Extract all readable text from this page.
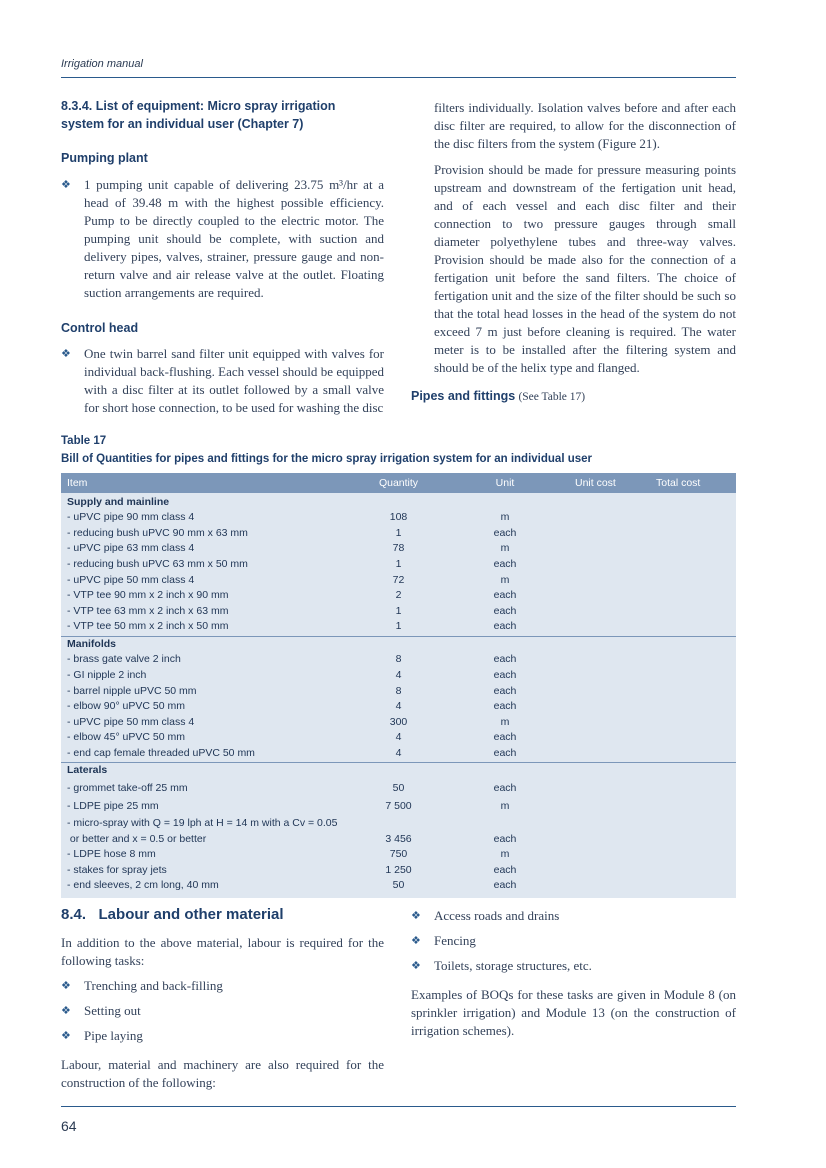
Irrigation manual
8.3.4. List of equipment: Micro spray irrigation system for an individual user (Chapter 7)
Pumping plant

❖ 1 pumping unit capable of delivering 23.75 m³/hr at a head of 39.48 m with the highest possible efficiency. Pump to be directly coupled to the electric motor. The pumping unit should be complete, with suction and delivery pipes, valves, strainer, pressure gauge and non-return valve and air release valve at the outlet. Floating suction arrangements are required.

Control head

❖ One twin barrel sand filter unit equipped with valves for individual back-flushing. Each vessel should be equipped with a disc filter at its outlet followed by a small valve for short hose connection, to be used for washing the disc

filters individually. Isolation valves before and after each disc filter are required, to allow for the disconnection of the disc filters from the system (Figure 21).

Provision should be made for pressure measuring points upstream and downstream of the fertigation unit head, and of each vessel and each disc filter and their connection to two pressure gauges through small diameter polyethylene tubes and three-way valves. Provision should be made also for the connection of a fertigation unit before the sand filters. The choice of fertigation unit and the size of the filter should be such so that the total head losses in the head of the system do not exceed 7 m just before cleaning is required. The water meter is to be installed after the filtering system and should be of the helix type and flanged.

Pipes and fittings (See Table 17)

Table 17
Bill of Quantities for pipes and fittings for the micro spray irrigation system for an individual user
Item	Quantity	Unit	Unit cost	Total cost
Supply and mainline
- uPVC pipe 90 mm class 4	108	m
- reducing bush uPVC 90 mm x 63 mm	1	each
- uPVC pipe 63 mm class 4	78	m
- reducing bush uPVC 63 mm x 50 mm	1	each
- uPVC pipe 50 mm class 4	72	m
- VTP tee 90 mm x 2 inch x 90 mm	2	each
- VTP tee 63 mm x 2 inch x 63 mm	1	each
- VTP tee 50 mm x 2 inch x 50 mm	1	each
Manifolds
- brass gate valve 2 inch	8	each
- GI nipple 2 inch	4	each
- barrel nipple uPVC 50 mm	8	each
- elbow 90° uPVC 50 mm	4	each
- uPVC pipe 50 mm class 4	300	m
- elbow 45° uPVC 50 mm	4	each
- end cap female threaded uPVC 50 mm	4	each
Laterals
- grommet take-off 25 mm	50	each
- LDPE pipe 25 mm	7 500	m
- micro-spray with Q = 19 lph at H = 14 m with a Cv = 0.05
or better and x = 0.5 or better	3 456	each
- LDPE hose 8 mm	750	m
- stakes for spray jets	1 250	each
- end sleeves, 2 cm long, 40 mm	50	each
8.4.   Labour and other material

In addition to the above material, labour is required for the following tasks:

❖ Trenching and back-filling

❖ Setting out

❖ Pipe laying

Labour, material and machinery are also required for the construction of the following:

❖ Access roads and drains

❖ Fencing

❖ Toilets, storage structures, etc.

Examples of BOQs for these tasks are given in Module 8 (on sprinkler irrigation) and Module 13 (on the construction of irrigation schemes).

64
